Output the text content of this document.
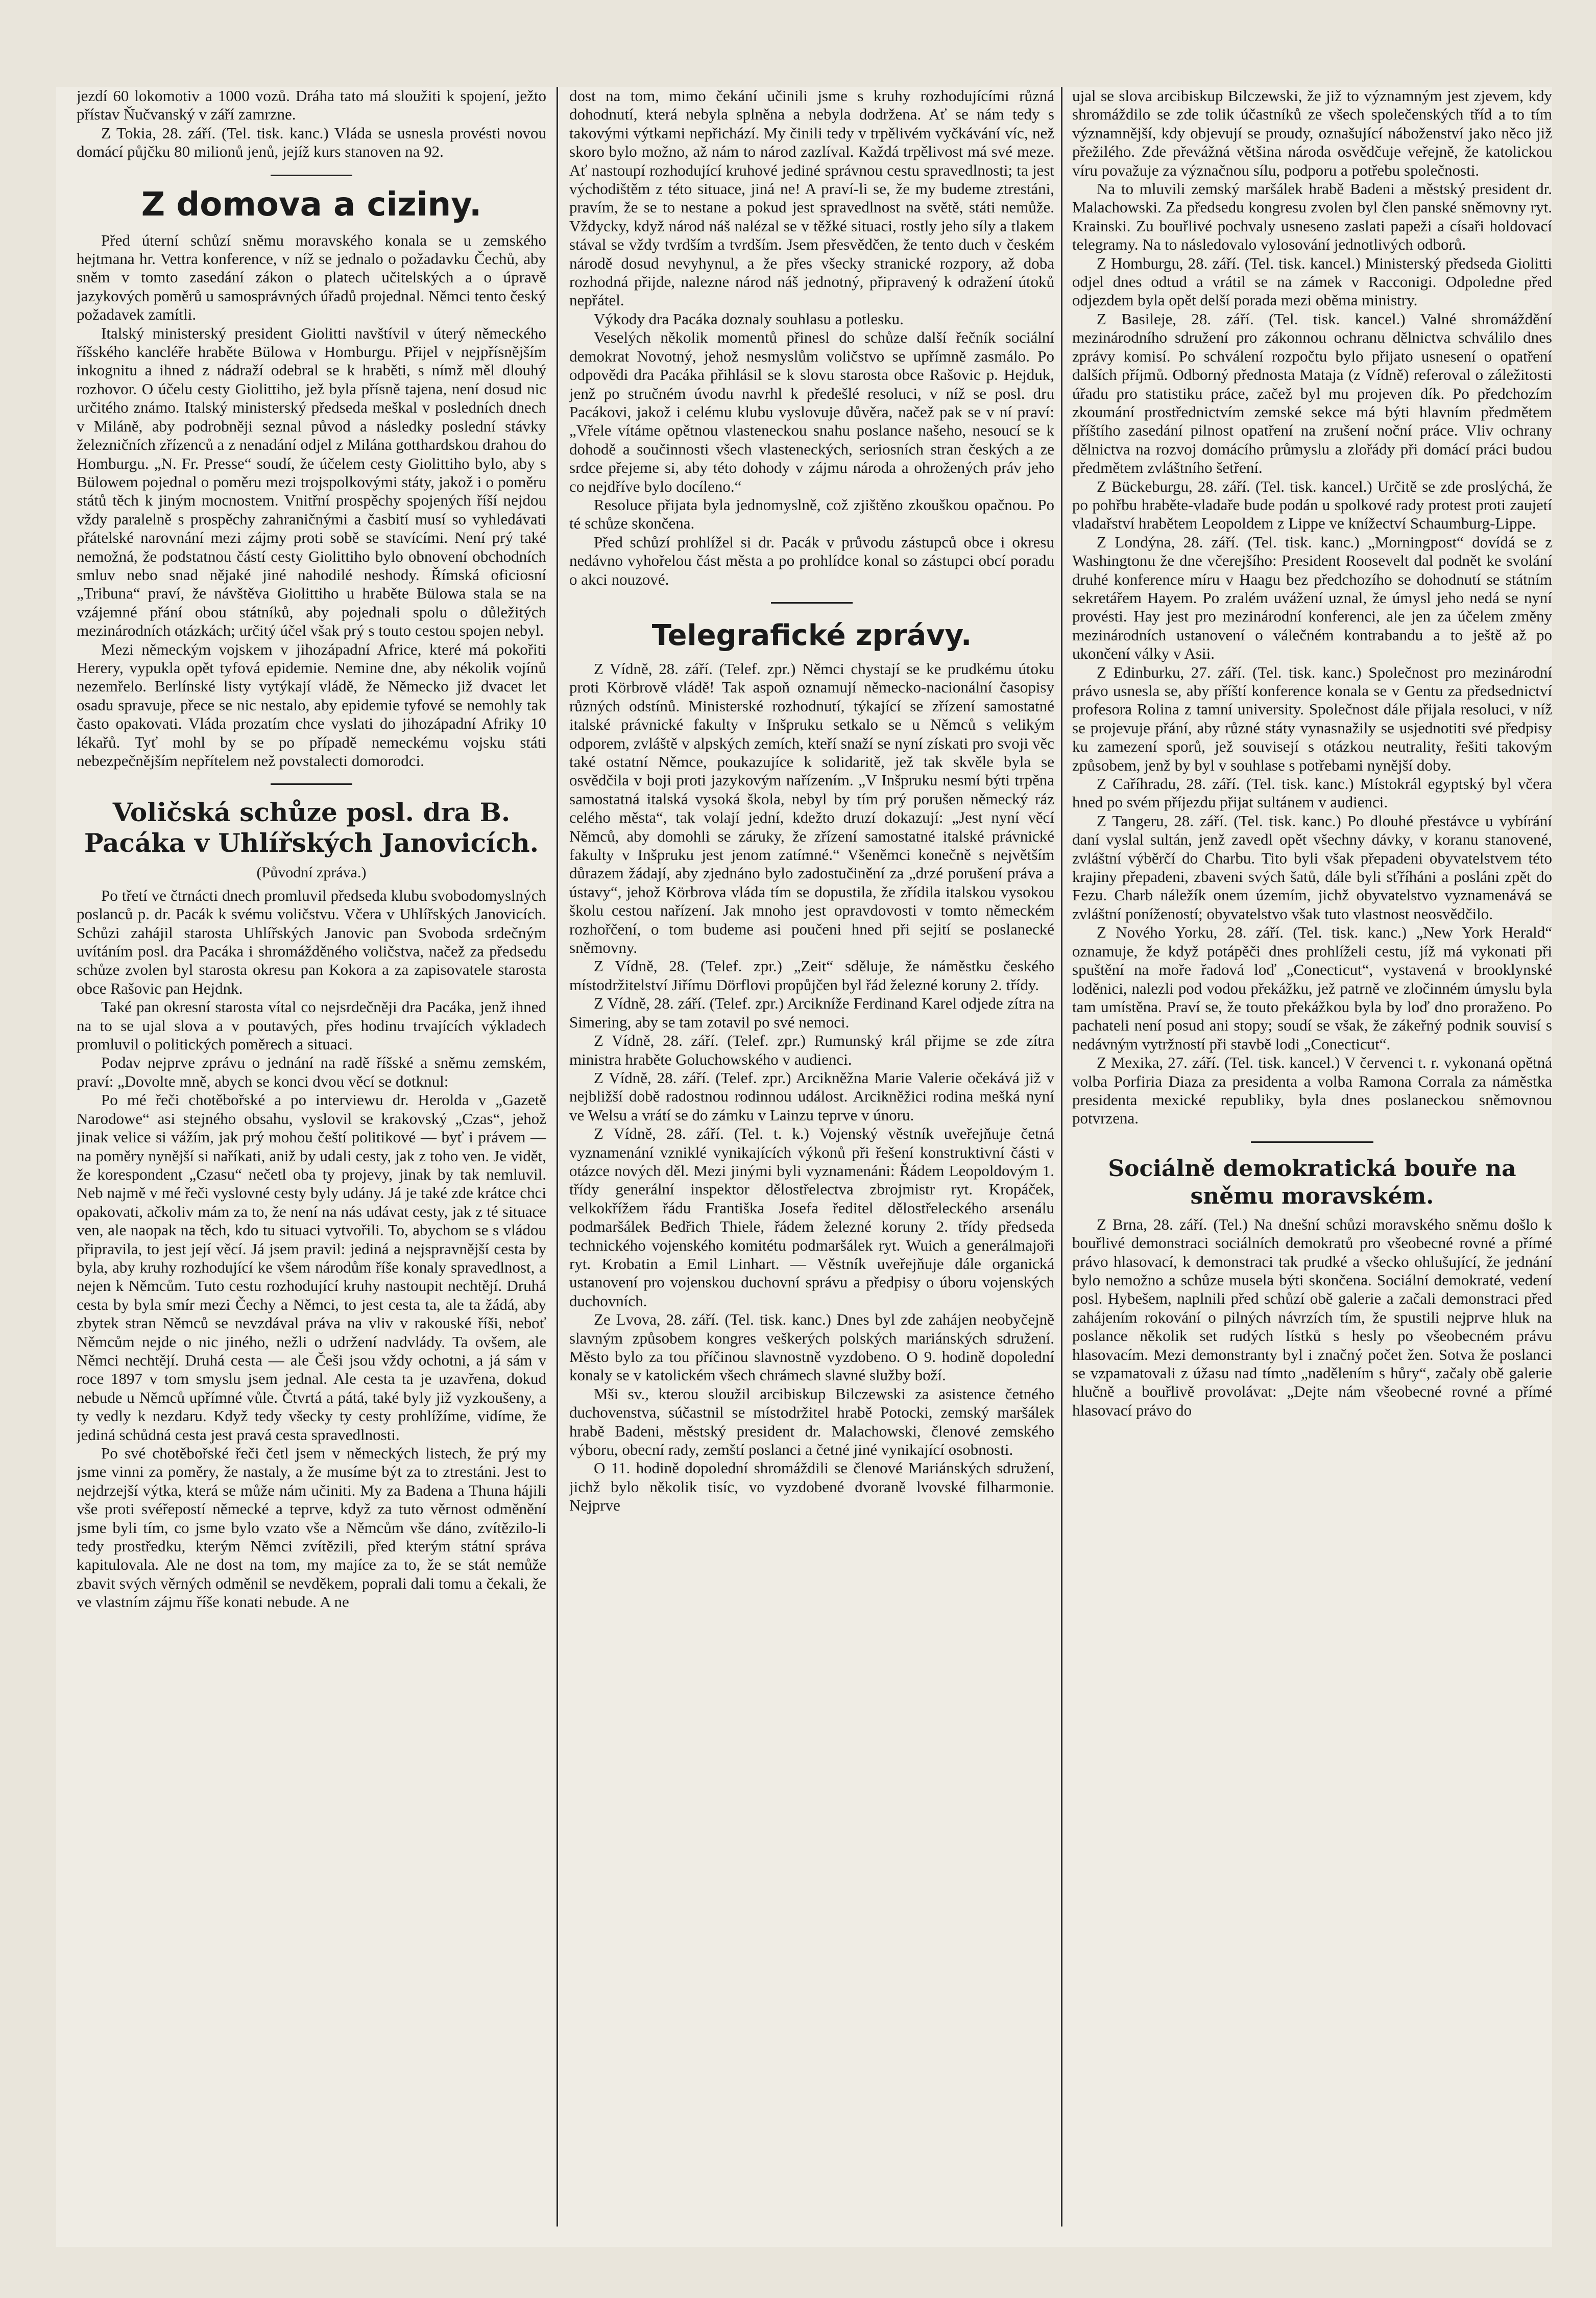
jezdí 60 lokomotiv a 1000 vozů. Dráha tato má sloužiti k spojení, ježto přístav Ňučvanský v září zamrzne.

Z Tokia, 28. září. (Tel. tisk. kanc.) Vláda se usnesla provésti novou domácí půjčku 80 milionů jenů, jejíž kurs stanoven na 92.

Z domova a ciziny.

Před úterní schůzí sněmu moravského konala se u zemského hejtmana hr. Vettra konference, v níž se jednalo o požadavku Čechů, aby sněm v tomto zasedání zákon o platech učitelských a o úpravě jazykových poměrů u samosprávných úřadů projednal. Němci tento český požadavek zamítli.

Italský ministerský president Giolitti navštívil v úterý německého říšského kancléře hraběte Bülowa v Homburgu. Přijel v nejpřísnějším inkognitu a ihned z nádraží odebral se k hraběti, s nímž měl dlouhý rozhovor. O účelu cesty Giolittiho, jež byla přísně tajena, není dosud nic určitého známo. Italský ministerský předseda meškal v posledních dnech v Miláně, aby podrobněji seznal původ a následky poslední stávky železničních zřízenců a z nenadání odjel z Milána gotthardskou drahou do Homburgu. „N. Fr. Presse“ soudí, že účelem cesty Giolittiho bylo, aby s Bülowem pojednal o poměru mezi trojspolkovými státy, jakož i o poměru států těch k jiným mocnostem. Vnitřní prospěchy spojených říší nejdou vždy paralelně s prospěchy zahraničnými a časbití musí so vyhledávati přátelské narovnání mezi zájmy proti sobě se stavícími. Není prý také nemožná, že podstatnou částí cesty Giolittiho bylo obnovení obchodních smluv nebo snad nějaké jiné nahodilé neshody. Římská oficiosní „Tribuna“ praví, že návštěva Giolittiho u hraběte Bülowa stala se na vzájemné přání obou státníků, aby pojednali spolu o důležitých mezinárodních otázkách; určitý účel však prý s touto cestou spojen nebyl.

Mezi německým vojskem v jihozápadní Africe, které má pokořiti Herery, vypukla opět tyfová epidemie. Nemine dne, aby nékolik vojínů nezemřelo. Berlínské listy vytýkají vládě, že Německo již dvacet let osadu spravuje, přece se nic nestalo, aby epidemie tyfové se nemohly tak často opakovati. Vláda prozatím chce vyslati do jihozápadní Afriky 10 lékařů. Tyť mohl by se po případě nemeckému vojsku státi nebezpečnějším nepřítelem než povstalecti domorodci.

Voličská schůze posl. dra B. Pacáka v Uhlířských Janovicích.
(Původní zpráva.)

Po třetí ve čtrnácti dnech promluvil předseda klubu svobodomyslných poslanců p. dr. Pacák k svému voličstvu. Včera v Uhlířských Janovicích. Schůzi zahájil starosta Uhlířských Janovic pan Svoboda srdečným uvítáním posl. dra Pacáka i shromážděného voličstva, načež za předsedu schůze zvolen byl starosta okresu pan Kokora a za zapisovatele starosta obce Rašovic pan Hejdnk.

Také pan okresní starosta vítal co nejsrdečněji dra Pacáka, jenž ihned na to se ujal slova a v poutavých, přes hodinu trvajících výkladech promluvil o politických poměrech a situaci.

Podav nejprve zprávu o jednání na radě říšské a sněmu zemském, praví: „Dovolte mně, abych se konci dvou věcí se dotknul:

Po mé řeči chotěbořské a po interviewu dr. Herolda v „Gazetě Narodowe“ asi stejného obsahu, vyslovil se krakovský „Czas“, jehož jinak velice si vážím, jak prý mohou čeští politikové — byť i právem — na poměry nynější si naříkati, aniž by udali cesty, jak z toho ven. Je vidět, že korespondent „Czasu“ nečetl oba ty projevy, jinak by tak nemluvil. Neb najmě v mé řeči vyslovné cesty byly udány. Já je také zde krátce chci opakovati, ačkoliv mám za to, že není na nás udávat cesty, jak z té situace ven, ale naopak na těch, kdo tu situaci vytvořili. To, abychom se s vládou připravila, to jest její věcí. Já jsem pravil: jediná a nejspravnější cesta by byla, aby kruhy rozhodující ke všem národům říše konaly spravedlnost, a nejen k Němcům. Tuto cestu rozhodující kruhy nastoupit nechtějí. Druhá cesta by byla smír mezi Čechy a Němci, to jest cesta ta, ale ta žádá, aby zbytek stran Němců se nevzdával práva na vliv v rakouské říši, neboť Němcům nejde o nic jiného, nežli o udržení nadvlády. Ta ovšem, ale Němci nechtějí. Druhá cesta — ale Češi jsou vždy ochotni, a já sám v roce 1897 v tom smyslu jsem jednal. Ale cesta ta je uzavřena, dokud nebude u Němců upřímné vůle. Čtvrtá a pátá, také byly již vyzkoušeny, a ty vedly k nezdaru. Když tedy všecky ty cesty prohlížíme, vidíme, že jediná schůdná cesta jest pravá cesta spravedlnosti.

Po své chotěbořské řeči četl jsem v německých listech, že prý my jsme vinni za poměry, že nastaly, a že musíme být za to ztrestáni. Jest to nejdrzejší výtka, která se může nám učiniti. My za Badena a Thuna hájili vše proti svéřepostí německé a teprve, když za tuto věrnost odměnění jsme byli tím, co jsme bylo vzato vše a Němcům vše dáno, zvítězilo-li tedy prostředku, kterým Němci zvítězili, před kterým státní správa kapitulovala. Ale ne dost na tom, my majíce za to, že se stát nemůže zbavit svých věrných odměnil se nevděkem, poprali dali tomu a čekali, že ve vlastním zájmu říše konati nebude. A ne

dost na tom, mimo čekání učinili jsme s kruhy rozhodujícími různá dohodnutí, která nebyla splněna a nebyla dodržena. Ať se nám tedy s takovými výtkami nepřichází. My činili tedy v trpělivém vyčkávání víc, než skoro bylo možno, až nám to národ zazlíval. Každá trpělivost má své meze. Ať nastoupí rozhodující kruhové jediné správnou cestu spravedlnosti; ta jest východištěm z této situace, jiná ne! A praví-li se, že my budeme ztrestáni, pravím, že se to nestane a pokud jest spravedlnost na světě, státi nemůže. Vždycky, když národ náš nalézal se v těžké situaci, rostly jeho síly a tlakem stával se vždy tvrdším a tvrdším. Jsem přesvědčen, že tento duch v českém národě dosud nevyhynul, a že přes všecky stranické rozpory, až doba rozhodná přijde, nalezne národ náš jednotný, připravený k odražení útoků nepřátel.

Výkody dra Pacáka doznaly souhlasu a potlesku.

Veselých několik momentů přinesl do schůze další řečník sociální demokrat Novotný, jehož nesmyslům voličstvo se upřímně zasmálo. Po odpovědi dra Pacáka přihlásil se k slovu starosta obce Rašovic p. Hejduk, jenž po stručném úvodu navrhl k předešlé resoluci, v níž se posl. dru Pacákovi, jakož i celému klubu vyslovuje důvěra, načež pak se v ní praví: „Vřele vítáme opětnou vlasteneckou snahu poslance našeho, nesoucí se k dohodě a součinnosti všech vlasteneckých, seriosních stran českých a ze srdce přejeme si, aby této dohody v zájmu národa a ohrožených práv jeho co nejdříve bylo docíleno.“

Resoluce přijata byla jednomyslně, což zjištěno zkouškou opačnou. Po té schůze skončena.

Před schůzí prohlížel si dr. Pacák v průvodu zástupců obce i okresu nedávno vyhořelou část města a po prohlídce konal so zástupci obcí poradu o akci nouzové.

Telegrafické zprávy.

Z Vídně, 28. září. (Telef. zpr.) Němci chystají se ke prudkému útoku proti Körbrově vládě! Tak aspoň oznamují německo-nacionální časopisy různých odstínů. Ministerské rozhodnutí, týkající se zřízení samostatné italské právnické fakulty v Inšpruku setkalo se u Němců s velikým odporem, zvláště v alpských zemích, kteří snaží se nyní získati pro svoji věc také ostatní Němce, poukazujíce k solidaritě, jež tak skvěle byla se osvědčila v boji proti jazykovým nařízením. „V Inšpruku nesmí býti trpěna samostatná italská vysoká škola, nebyl by tím prý porušen německý ráz celého města“, tak volají jední, kdežto druzí dokazují: „Jest nyní věcí Němců, aby domohli se záruky, že zřízení samostatné italské právnické fakulty v Inšpruku jest jenom zatímné.“ Všeněmci konečně s největším důrazem žádají, aby zjednáno bylo zadostučinění za „drzé porušení práva a ústavy“, jehož Körbrova vláda tím se dopustila, že zřídila italskou vysokou školu cestou nařízení. Jak mnoho jest opravdovosti v tomto německém rozhořčení, o tom budeme asi poučeni hned při sejití se poslanecké sněmovny.

Z Vídně, 28. (Telef. zpr.) „Zeit“ sděluje, že náměstku českého místodržitelství Jiřímu Dörflovi propůjčen byl řád železné koruny 2. třídy.

Z Vídně, 28. září. (Telef. zpr.) Arcikníže Ferdinand Karel odjede zítra na Simering, aby se tam zotavil po své nemoci.

Z Vídně, 28. září. (Telef. zpr.) Rumunský král přijme se zde zítra ministra hraběte Goluchowského v audienci.

Z Vídně, 28. září. (Telef. zpr.) Arcikněžna Marie Valerie očekává již v nejbližší době radostnou rodinnou událost. Arcikněžici rodina mešká nyní ve Welsu a vrátí se do zámku v Lainzu teprve v únoru.

Z Vídně, 28. září. (Tel. t. k.) Vojenský věstník uveřejňuje četná vyznamenání vzniklé vynikajících výkonů při řešení konstruktivní části v otázce nových děl. Mezi jinými byli vyznamenáni: Řádem Leopoldovým 1. třídy generální inspektor dělostřelectva zbrojmistr ryt. Kropáček, velkokřížem řádu Františka Josefa ředitel dělostřeleckého arsenálu podmaršálek Bedřich Thiele, řádem železné koruny 2. třídy předseda technického vojenského komitétu podmaršálek ryt. Wuich a generálmajoři ryt. Krobatin a Emil Linhart. — Věstník uveřejňuje dále organická ustanovení pro vojenskou duchovní správu a předpisy o úboru vojenských duchovních.

Ze Lvova, 28. září. (Tel. tisk. kanc.) Dnes byl zde zahájen neobyčejně slavným způsobem kongres veškerých polských mariánských sdružení. Město bylo za tou příčinou slavnostně vyzdobeno. O 9. hodině dopolední konaly se v katolickém všech chrámech slavné služby boží.

Mši sv., kterou sloužil arcibiskup Bilczewski za asistence četného duchovenstva, súčastnil se místodržitel hrabě Potocki, zemský maršálek hrabě Badeni, městský president dr. Malachowski, členové zemského výboru, obecní rady, zemští poslanci a četné jiné vynikající osobnosti.

O 11. hodině dopolední shromáždili se členové Mariánských sdružení, jichž bylo několik tisíc, vo vyzdobené dvoraně lvovské filharmonie. Nejprve

ujal se slova arcibiskup Bilczewski, že již to významným jest zjevem, kdy shromáždilo se zde tolik účastníků ze všech společenských tříd a to tím významnější, kdy objevují se proudy, oznašující náboženství jako něco již přežilého. Zde převážná většina národa osvědčuje veřejně, že katolickou víru považuje za význačnou sílu, podporu a potřebu společnosti.

Na to mluvili zemský maršálek hrabě Badeni a městský president dr. Malachowski. Za předsedu kongresu zvolen byl člen panské sněmovny ryt. Krainski. Zu bouřlivé pochvaly usneseno zaslati papeži a císaři holdovací telegramy. Na to následovalo vylosování jednotlivých odborů.

Z Homburgu, 28. září. (Tel. tisk. kancel.) Ministerský předseda Giolitti odjel dnes odtud a vrátil se na zámek v Racconigi. Odpoledne před odjezdem byla opět delší porada mezi oběma ministry.

Z Basileje, 28. září. (Tel. tisk. kancel.) Valné shromáždění mezinárodního sdružení pro zákonnou ochranu dělnictva schválilo dnes zprávy komisí. Po schválení rozpočtu bylo přijato usnesení o opatření dalších příjmů. Odborný přednosta Mataja (z Vídně) referoval o záležitosti úřadu pro statistiku práce, začež byl mu projeven dík. Po předchozím zkoumání prostřednictvím zemské sekce má býti hlavním předmětem příštího zasedání pilnost opatření na zrušení noční práce. Vliv ochrany dělnictva na rozvoj domácího průmyslu a zlořády při domácí práci budou předmětem zvláštního šetření.

Z Bückeburgu, 28. září. (Tel. tisk. kancel.) Určitě se zde proslýchá, že po pohřbu hraběte-vladaře bude podán u spolkové rady protest proti zaujetí vladařství hrabětem Leopoldem z Lippe ve knížectví Schaumburg-Lippe.

Z Londýna, 28. září. (Tel. tisk. kanc.) „Morningpost“ dovídá se z Washingtonu že dne včerejšího: President Roosevelt dal podnět ke svolání druhé konference míru v Haagu bez předchozího se dohodnutí se státním sekretářem Hayem. Po zralém uvážení uznal, že úmysl jeho nedá se nyní provésti. Hay jest pro mezinárodní konferenci, ale jen za účelem změny mezinárodních ustanovení o válečném kontrabandu a to ještě až po ukončení války v Asii.

Z Edinburku, 27. září. (Tel. tisk. kanc.) Společnost pro mezinárodní právo usnesla se, aby příští konference konala se v Gentu za předsednictví profesora Rolina z tamní university. Společnost dále přijala resoluci, v níž se projevuje přání, aby různé státy vynasnažily se usjednotiti své předpisy ku zamezení sporů, jež souvisejí s otázkou neutrality, řešiti takovým způsobem, jenž by byl v souhlase s potřebami nynější doby.

Z Caříhradu, 28. září. (Tel. tisk. kanc.) Místokrál egyptský byl včera hned po svém příjezdu přijat sultánem v audienci.

Z Tangeru, 28. září. (Tel. tisk. kanc.) Po dlouhé přestávce u vybírání daní vyslal sultán, jenž zavedl opět všechny dávky, v koranu stanovené, zvláštní výběrčí do Charbu. Tito byli však přepadeni obyvatelstvem této krajiny přepadeni, zbaveni svých šatů, dále byli sťříháni a posláni zpět do Fezu. Charb náležík onem územím, jichž obyvatelstvo vyznamenává se zvláštní ponížeností; obyvatelstvo však tuto vlastnost neosvědčilo.

Z Nového Yorku, 28. září. (Tel. tisk. kanc.) „New York Herald“ oznamuje, že když potápěči dnes prohlíželi cestu, jíž má vykonati při spuštění na moře řadová loď „Conecticut“, vystavená v brooklynské loděnici, nalezli pod vodou překážku, jež patrně ve zločinném úmyslu byla tam umístěna. Praví se, že touto překážkou byla by loď dno proraženo. Po pachateli není posud ani stopy; soudí se však, že zákeřný podnik souvisí s nedávným vytržností při stavbě lodi „Conecticut“.

Z Mexika, 27. září. (Tel. tisk. kancel.) V červenci t. r. vykonaná opětná volba Porfiria Diaza za presidenta a volba Ramona Corrala za náměstka presidenta mexické republiky, byla dnes poslaneckou sněmovnou potvrzena.

Sociálně demokratická bouře na sněmu moravském.

Z Brna, 28. září. (Tel.) Na dnešní schůzi moravského sněmu došlo k bouřlivé demonstraci sociálních demokratů pro všeobecné rovné a přímé právo hlasovací, k demonstraci tak prudké a všecko ohlušující, že jednání bylo nemožno a schůze musela býti skončena. Sociální demokraté, vedení posl. Hybešem, naplnili před schůzí obě galerie a začali demonstraci před zahájením rokování o pilných návrzích tím, že spustili nejprve hluk na poslance několik set rudých lístků s hesly po všeobecném právu hlasovacím. Mezi demonstranty byl i značný počet žen. Sotva že poslanci se vzpamatovali z úžasu nad tímto „nadělením s hůry“, začaly obě galerie hlučně a bouřlivě provolávat: „Dejte nám všeobecné rovné a přímé hlasovací právo do
